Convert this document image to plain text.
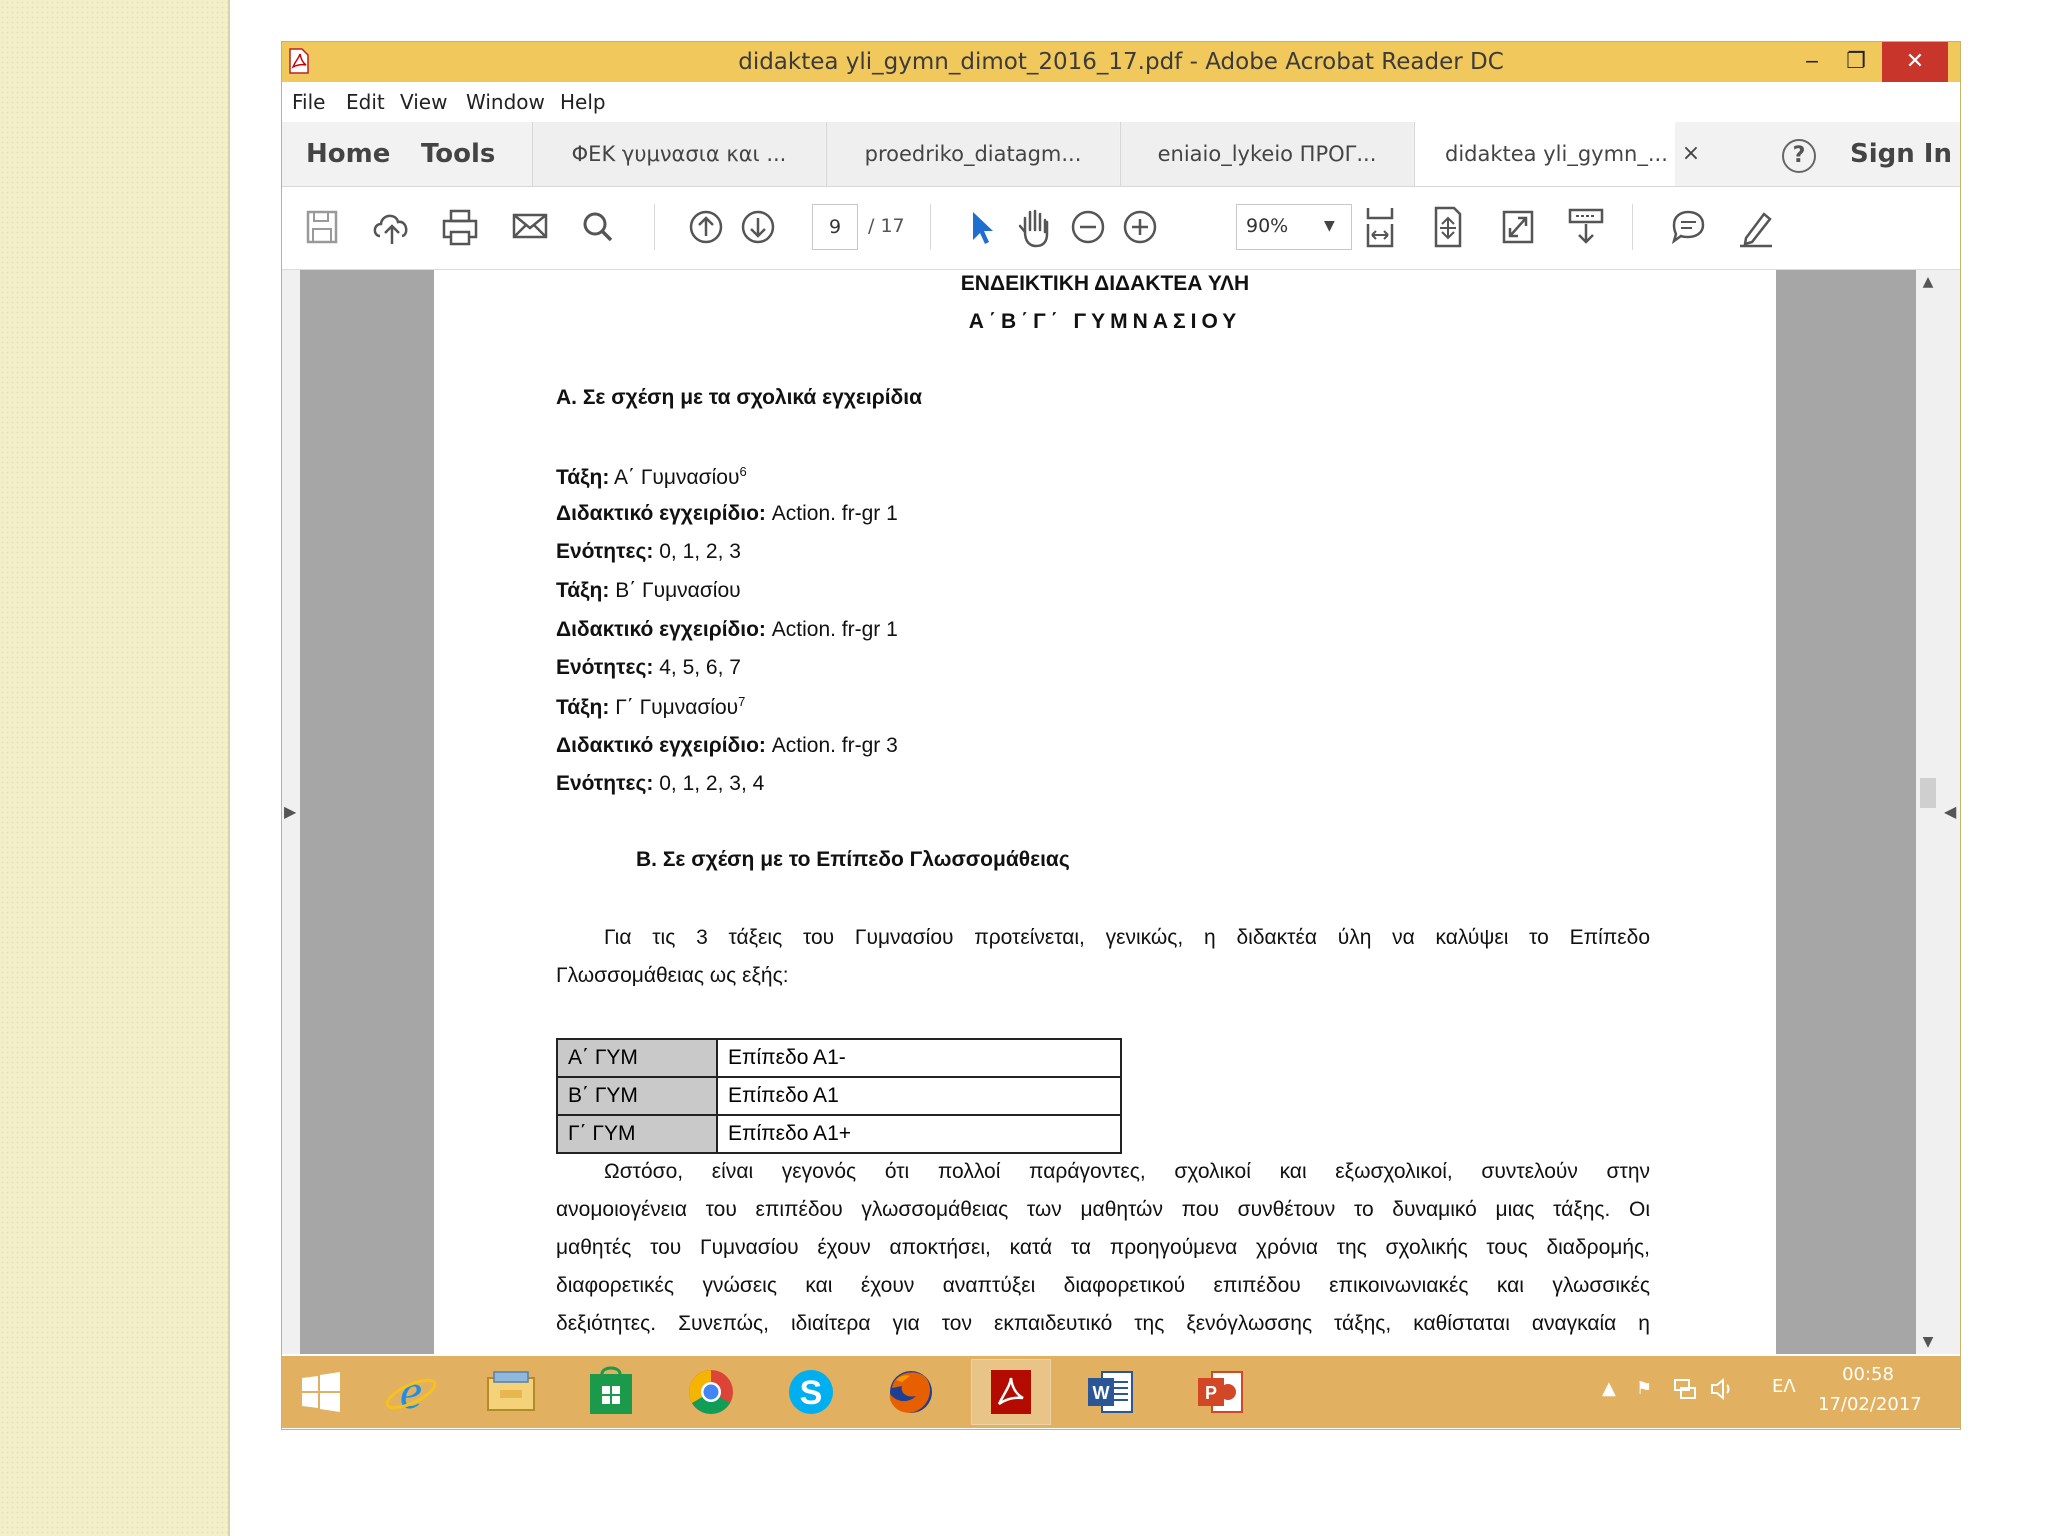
didaktea yli_gymn_dimot_2016_17.pdf - Adobe Acrobat Reader DC	‒	❐	✕
File Edit View Window Help
Home Tools	ΦΕΚ γυμνασια και ...	proedriko_diatagm...	eniaio_lykeio ΠΡΟΓ...	didaktea yli_gymn_... ×	?	Sign In
9	/ 17	90%	▼
▶
ΕΝΔΕΙΚΤΙΚΗ ΔΙΔΑΚΤΕΑ ΥΛΗ
Α΄Β΄Γ΄ ΓΥΜΝΑΣΙΟΥ
Α. Σε σχέση με τα σχολικά εγχειρίδια
Τάξη: Α΄ Γυμνασίου$^6$
Διδακτικό εγχειρίδιο: Action. fr-gr 1
Ενότητες: 0, 1, 2, 3
Τάξη: Β΄ Γυμνασίου
Διδακτικό εγχειρίδιο: Action. fr-gr 1
Ενότητες: 4, 5, 6, 7
Τάξη: Γ΄ Γυμνασίου$^7$
Διδακτικό εγχειρίδιο: Action. fr-gr 3
Ενότητες: 0, 1, 2, 3, 4
Β. Σε σχέση με το Επίπεδο Γλωσσομάθειας
Για τις 3 τάξεις του Γυμνασίου προτείνεται, γενικώς, η διδακτέα ύλη να καλύψει το Επίπεδο
Γλωσσομάθειας ως εξής:
Α΄ ΓΥΜ	Επίπεδο Α1-
Β΄ ΓΥΜ	Επίπεδο Α1
Γ΄ ΓΥΜ	Επίπεδο Α1+
Ωστόσο, είναι γεγονός ότι πολλοί παράγοντες, σχολικοί και εξωσχολικοί, συντελούν στην
ανομοιογένεια του επιπέδου γλωσσομάθειας των μαθητών που συνθέτουν το δυναμικό μιας τάξης. Οι
μαθητές του Γυμνασίου έχουν αποκτήσει, κατά τα προηγούμενα χρόνια της σχολικής τους διαδρομής,
διαφορετικές γνώσεις και έχουν αναπτύξει διαφορετικού επιπέδου επικοινωνιακές και γλωσσικές
δεξιότητες. Συνεπώς, ιδιαίτερα για τον εκπαιδευτικό της ξενόγλωσσης τάξης, καθίσταται αναγκαία η
▲
▼
◀
e	S	W	P	▲ ⚑	ΕΛ
00:58
17/02/2017
